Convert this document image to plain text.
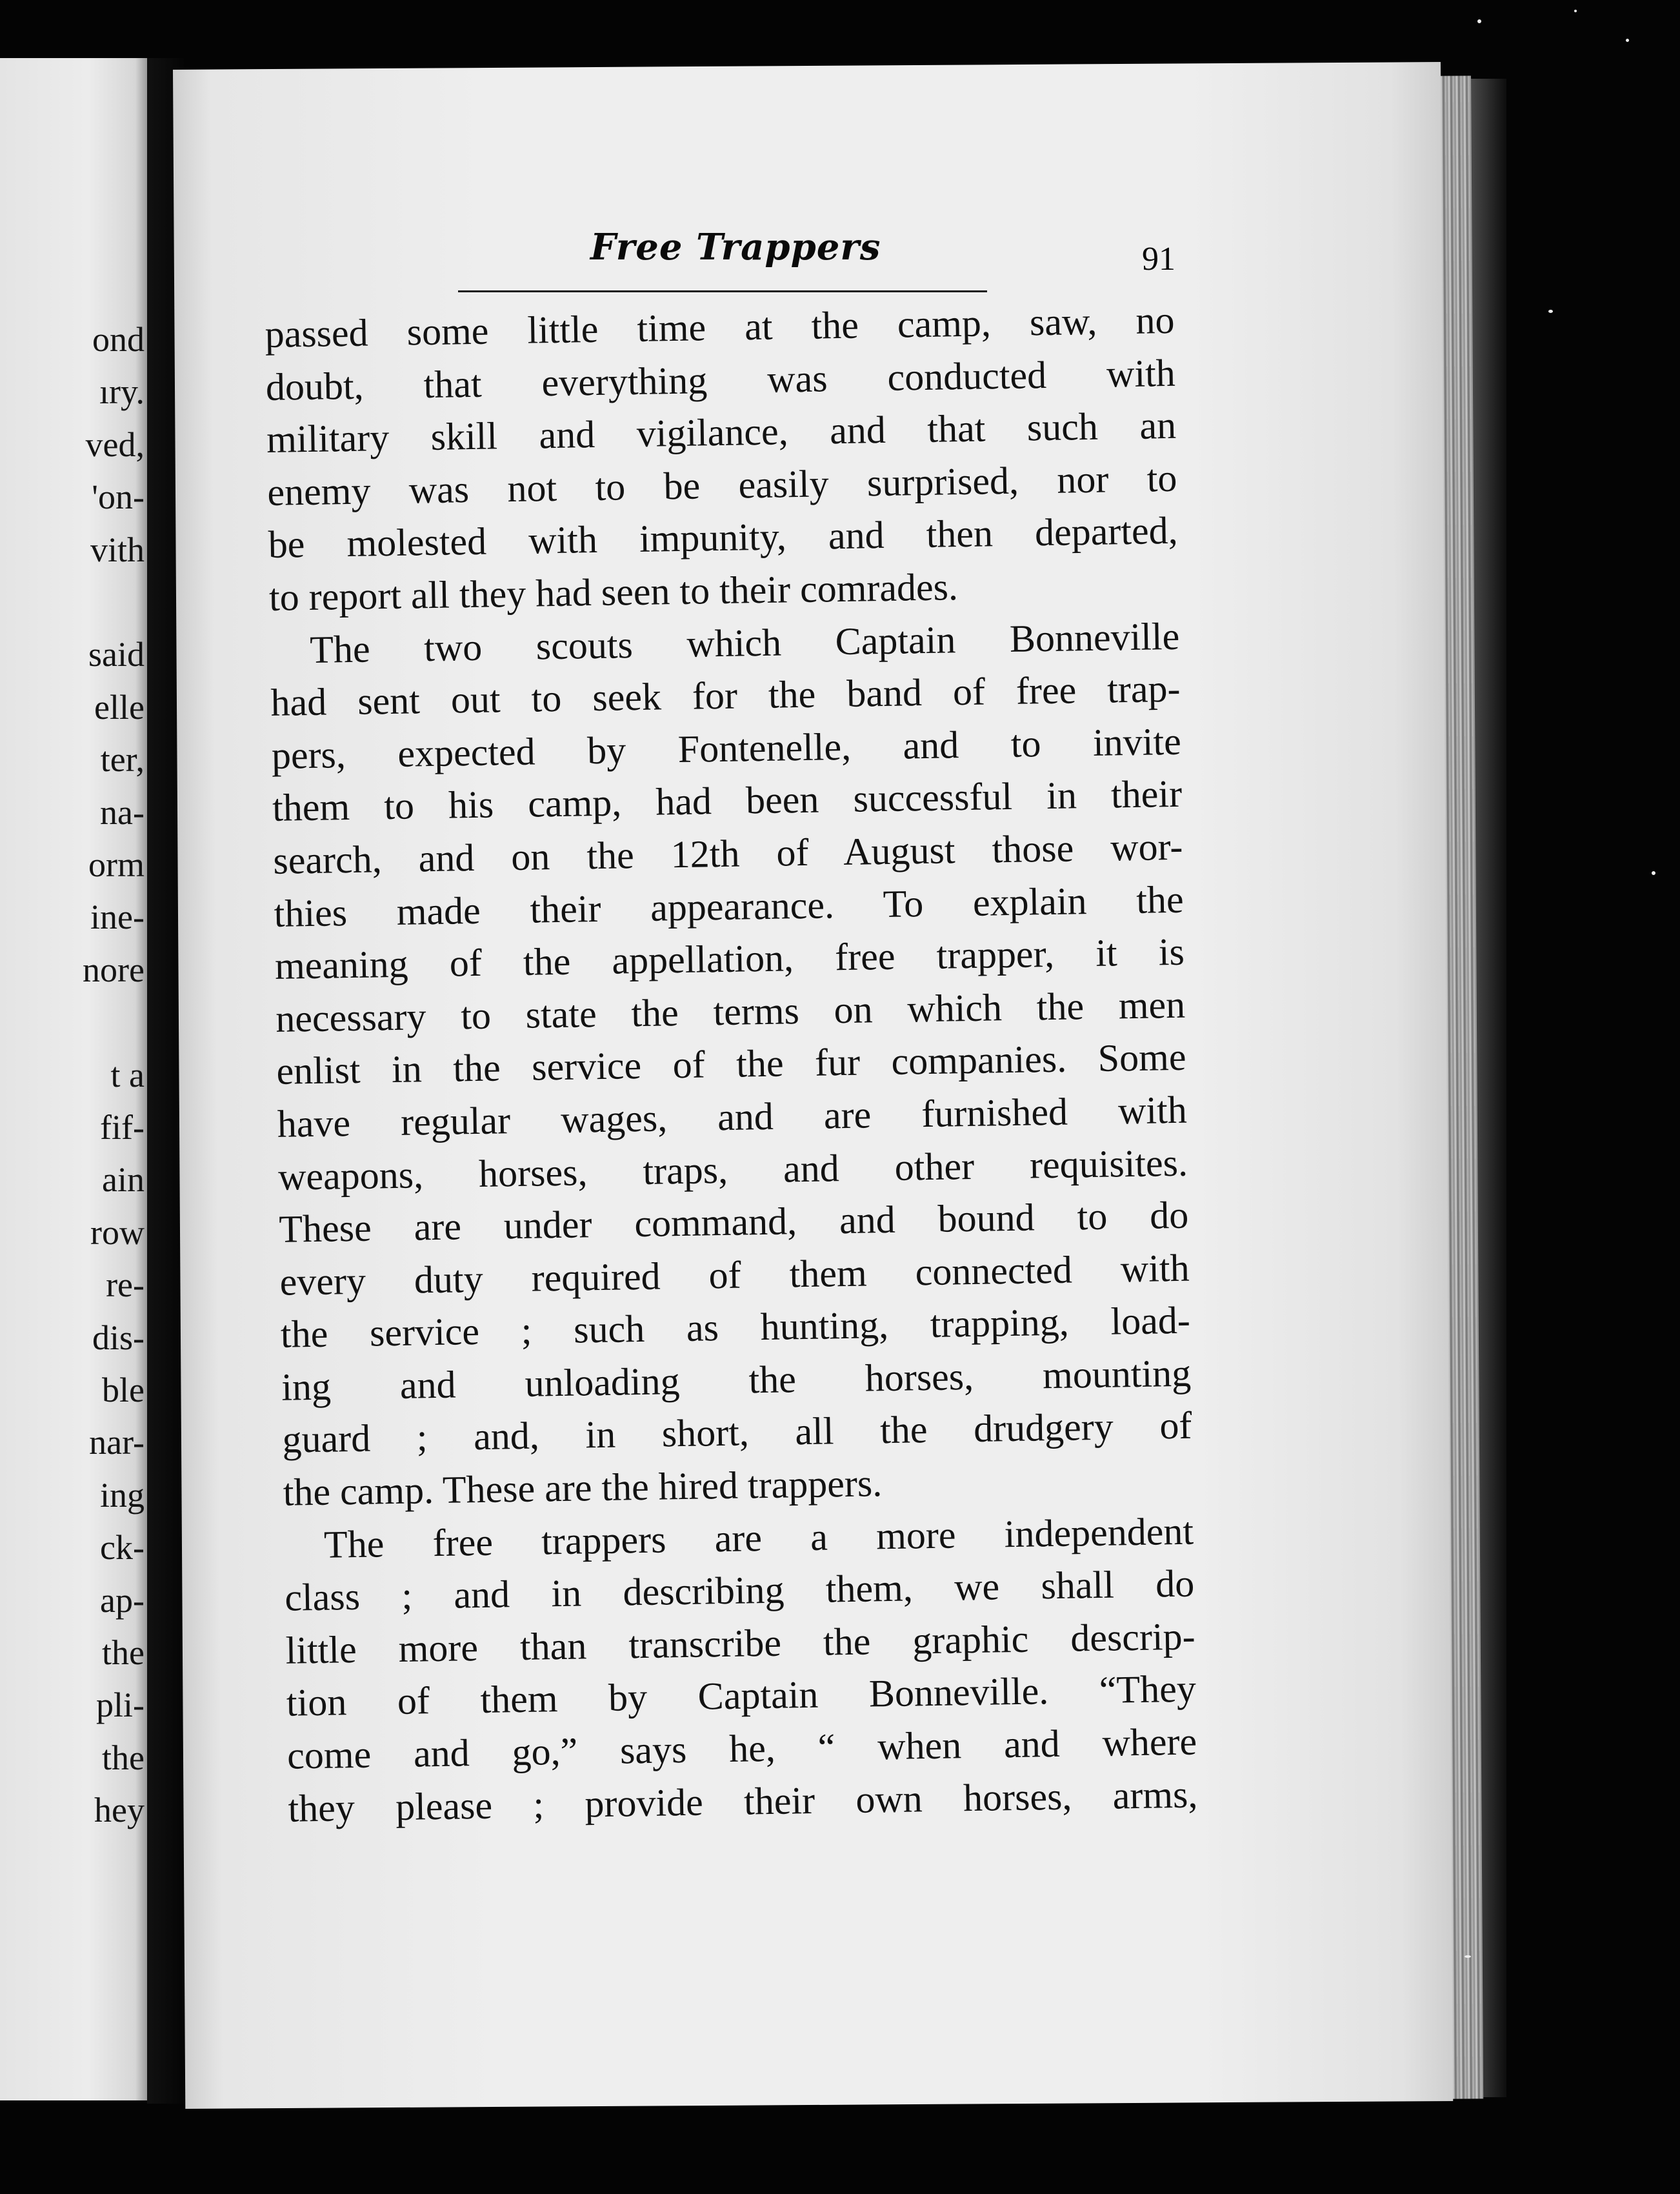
ond

ıry.

ved,

'on-

vith

said

elle

ter,

na-

orm

ine-

nore

t a

fif-

ain

row

re-

dis-

ble

nar-

ing

ck-

ap-

the

pli-

the

hey

Free Trappers	91

passed some little time at the camp, saw, no

doubt, that everything was conducted with

military skill and vigilance, and that such an

enemy was not to be easily surprised, nor to

be molested with impunity, and then departed,

to report all they had seen to their comrades.

The two scouts which Captain Bonneville

had sent out to seek for the band of free trap-

pers, expected by Fontenelle, and to invite

them to his camp, had been successful in their

search, and on the 12th of August those wor-

thies made their appearance. To explain the

meaning of the appellation, free trapper, it is

necessary to state the terms on which the men

enlist in the service of the fur companies. Some

have regular wages, and are furnished with

weapons, horses, traps, and other requisites.

These are under command, and bound to do

every duty required of them connected with

the service ; such as hunting, trapping, load-

ing and unloading the horses, mounting

guard ; and, in short, all the drudgery of

the camp. These are the hired trappers.

The free trappers are a more independent

class ; and in describing them, we shall do

little more than transcribe the graphic descrip-

tion of them by Captain Bonneville. “They

come and go,” says he, “ when and where

they please ; provide their own horses, arms,
